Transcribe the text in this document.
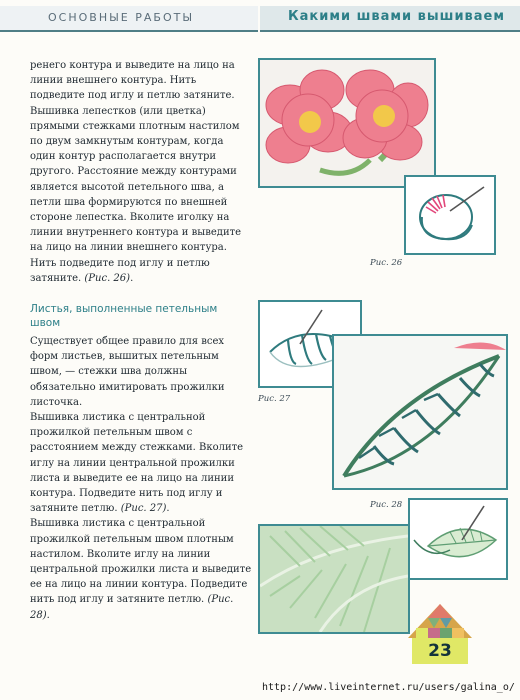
ОСНОВНЫЕ РАБОТЫ	Какими швами вышиваем

ренего контура и выведите на лицо на линии внешнего контура. Нить подведите под иглу и петлю затяните.

Вышивка лепестков (или цветка) прямыми стежками плотным настилом по двум замкнутым контурам, когда один контур располагается внутри другого. Расстояние между контурами является высотой петельного шва, а петли шва формируются по внешней стороне лепестка. Вколите иголку на линии внутреннего контура и выведите на лицо на линии внешнего контура. Нить подведите под иглу и петлю затяните. (Рис. 26).

Листья, выполненные петельным швом

Существует общее правило для всех форм листьев, вышитых петельным швом, — стежки шва должны обязательно имитировать прожилки листочка.

Вышивка листика с центральной прожилкой петельным швом с расстоянием между стежками. Вколите иглу на линии центральной прожилки листа и выведите ее на лицо на линии контура. Подведите нить под иглу и затяните петлю. (Рис. 27).

Вышивка листика с центральной прожилкой петельным швом плотным настилом. Вколите иглу на линии центральной прожилки листа и выведите ее на лицо на линии контура. Подведите нить под иглу и затяните петлю. (Рис. 28).

Рис. 26
Рис. 27
Рис. 28
23
http://www.liveinternet.ru/users/galina_o/
